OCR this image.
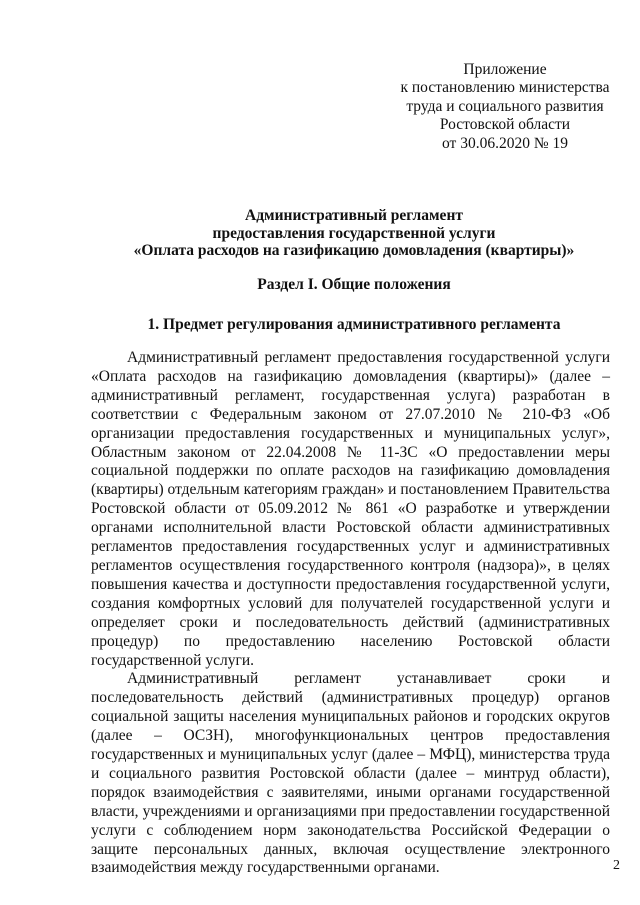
Приложение
к постановлению министерства
труда и социального развития
Ростовской области
от 30.06.2020 № 19
Административный регламент
предоставления государственной услуги
«Оплата расходов на газификацию домовладения (квартиры)»
Раздел I. Общие положения
1. Предмет регулирования административного регламента

Административный регламент предоставления государственной услуги «Оплата расходов на газификацию домовладения (квартиры)» (далее – административный регламент, государственная услуга) разработан в соответствии с Федеральным законом от 27.07.2010 № 210-ФЗ «Об организации предоставления государственных и муниципальных услуг», Областным законом от 22.04.2008 № 11-ЗС «О предоставлении меры социальной поддержки по оплате расходов на газификацию домовладения (квартиры) отдельным категориям граждан» и постановлением Правительства Ростовской области от 05.09.2012 № 861 «О разработке и утверждении органами исполнительной власти Ростовской области административных регламентов предоставления государственных услуг и административных регламентов осуществления государственного контроля (надзора)», в целях повышения качества и доступности предоставления государственной услуги, создания комфортных условий для получателей государственной услуги и определяет сроки и последовательность действий (административных процедур) по предоставлению населению Ростовской области государственной услуги.

Административный регламент устанавливает сроки и последовательность действий (административных процедур) органов социальной защиты населения муниципальных районов и городских округов (далее – ОСЗН), многофункциональных центров предоставления государственных и муниципальных услуг (далее – МФЦ), министерства труда и социального развития Ростовской области (далее – минтруд области), порядок взаимодействия с заявителями, иными органами государственной власти, учреждениями и организациями при предоставлении государственной услуги с соблюдением норм законодательства Российской Федерации о защите персональных данных, включая осуществление электронного взаимодействия между государственными органами.	2
